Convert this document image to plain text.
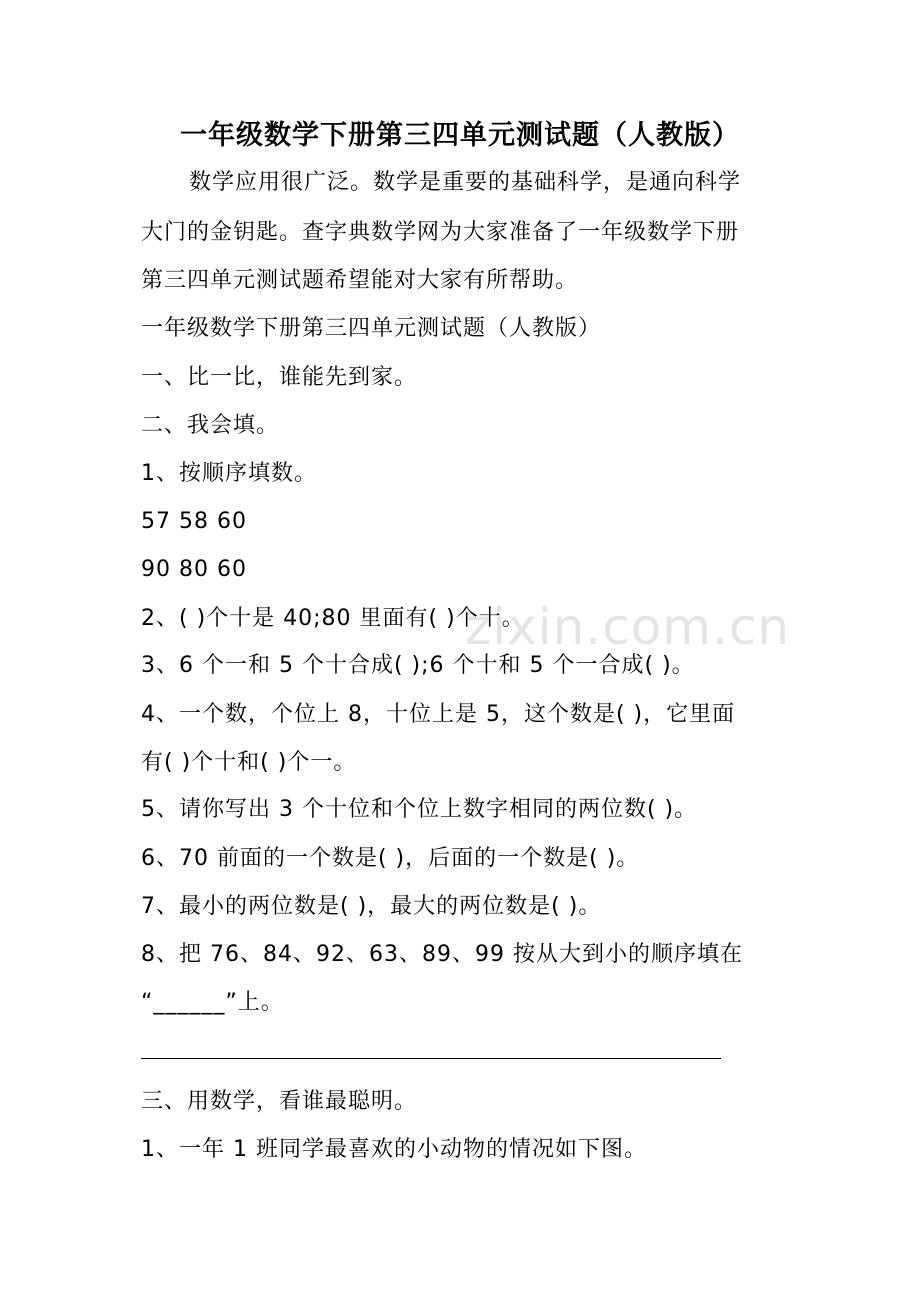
一年级数学下册第三四单元测试题（人教版）
数学应用很广泛。数学是重要的基础科学，是通向科学
大门的金钥匙。查字典数学网为大家准备了一年级数学下册
第三四单元测试题希望能对大家有所帮助。
一年级数学下册第三四单元测试题（人教版）
一、比一比，谁能先到家。
二、我会填。
1、按顺序填数。
57 58 60
90 80 60
2、( )个十是 40;80 里面有( )个十。
3、6 个一和 5 个十合成( );6 个十和 5 个一合成( )。
4、一个数，个位上 8，十位上是 5，这个数是( )，它里面
有( )个十和( )个一。
5、请你写出 3 个十位和个位上数字相同的两位数( )。
6、70 前面的一个数是( )，后面的一个数是( )。
7、最小的两位数是( )，最大的两位数是( )。
8、把 76、84、92、63、89、99 按从大到小的顺序填在
“______”上。
三、用数学，看谁最聪明。
1、一年 1 班同学最喜欢的小动物的情况如下图。
zixin.com.cn
